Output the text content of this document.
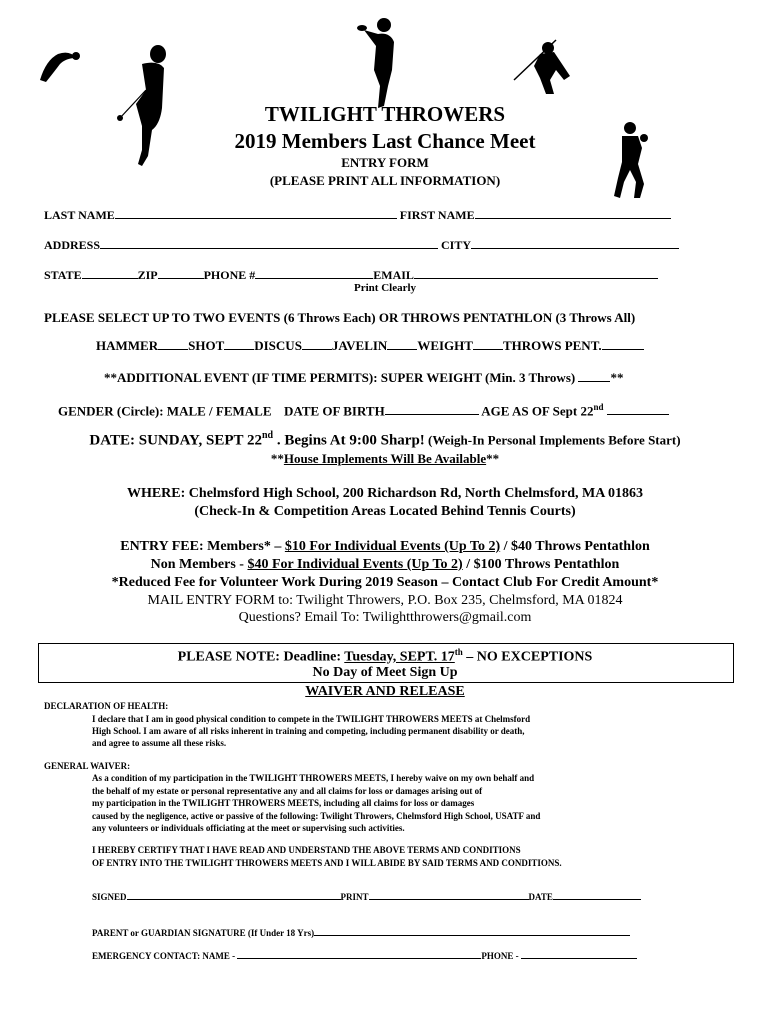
TWILIGHT THROWERS
2019 Members Last Chance Meet
ENTRY FORM
(PLEASE PRINT ALL INFORMATION)
LAST NAME	FIRST NAME
ADDRESS	CITY
STATE	ZIP	PHONE #	EMAIL
Print Clearly
PLEASE SELECT UP TO TWO EVENTS (6 Throws Each) OR THROWS PENTATHLON (3 Throws All)
HAMMER SHOT DISCUS JAVELIN WEIGHT THROWS PENT.
**ADDITIONAL EVENT (IF TIME PERMITS): SUPER WEIGHT (Min. 3 Throws)	**
GENDER (Circle): MALE / FEMALE DATE OF BIRTH	AGE AS OF Sept 22nd
DATE: SUNDAY, SEPT 22nd . Begins At 9:00 Sharp! (Weigh-In Personal Implements Before Start)
**House Implements Will Be Available**
WHERE: Chelmsford High School, 200 Richardson Rd, North Chelmsford, MA 01863
(Check-In & Competition Areas Located Behind Tennis Courts)
ENTRY FEE: Members* – $10 For Individual Events (Up To 2) / $40 Throws Pentathlon
Non Members - $40 For Individual Events (Up To 2) / $100 Throws Pentathlon
*Reduced Fee for Volunteer Work During 2019 Season – Contact Club For Credit Amount*
MAIL ENTRY FORM to: Twilight Throwers, P.O. Box 235, Chelmsford, MA 01824
Questions? Email To: Twilightthrowers@gmail.com
PLEASE NOTE: Deadline: Tuesday, SEPT. 17th – NO EXCEPTIONS
No Day of Meet Sign Up
WAIVER AND RELEASE
DECLARATION OF HEALTH:
I declare that I am in good physical condition to compete in the TWILIGHT THROWERS MEETS at Chelmsford
High School. I am aware of all risks inherent in training and competing, including permanent disability or death,
and agree to assume all these risks.
GENERAL WAIVER:
As a condition of my participation in the TWILIGHT THROWERS MEETS, I hereby waive on my own behalf and
the behalf of my estate or personal representative any and all claims for loss or damages arising out of
my participation in the TWILIGHT THROWERS MEETS, including all claims for loss or damages
caused by the negligence, active or passive of the following: Twilight Throwers, Chelmsford High School, USATF and
any volunteers or individuals officiating at the meet or supervising such activities.
I HEREBY CERTIFY THAT I HAVE READ AND UNDERSTAND THE ABOVE TERMS AND CONDITIONS
OF ENTRY INTO THE TWILIGHT THROWERS MEETS AND I WILL ABIDE BY SAID TERMS AND CONDITIONS.
SIGNED	PRINT	DATE
PARENT or GUARDIAN SIGNATURE (If Under 18 Yrs)
EMERGENCY CONTACT: NAME -	PHONE -
